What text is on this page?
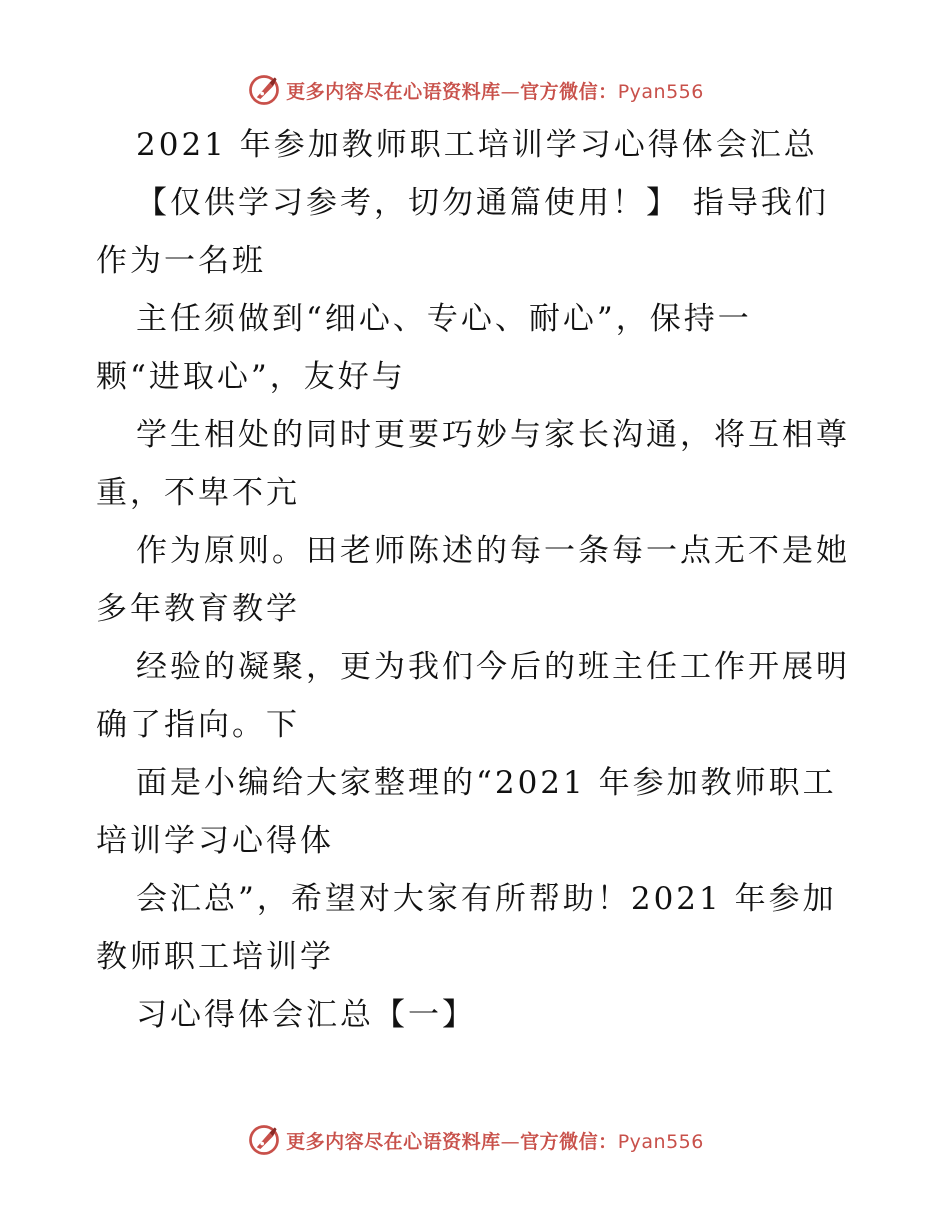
更多内容尽在心语资料库—官方微信：Pyan556
2021 年参加教师职工培训学习心得体会汇总
【仅供学习参考，切勿通篇使用！】 指导我们
作为一名班
主任须做到“细心、专心、耐心”，保持一
颗“进取心”，友好与
学生相处的同时更要巧妙与家长沟通，将互相尊
重，不卑不亢
作为原则。田老师陈述的每一条每一点无不是她
多年教育教学
经验的凝聚，更为我们今后的班主任工作开展明
确了指向。下
面是小编给大家整理的“2021 年参加教师职工
培训学习心得体
会汇总”，希望对大家有所帮助！2021 年参加
教师职工培训学
习心得体会汇总【一】
更多内容尽在心语资料库—官方微信：Pyan556
